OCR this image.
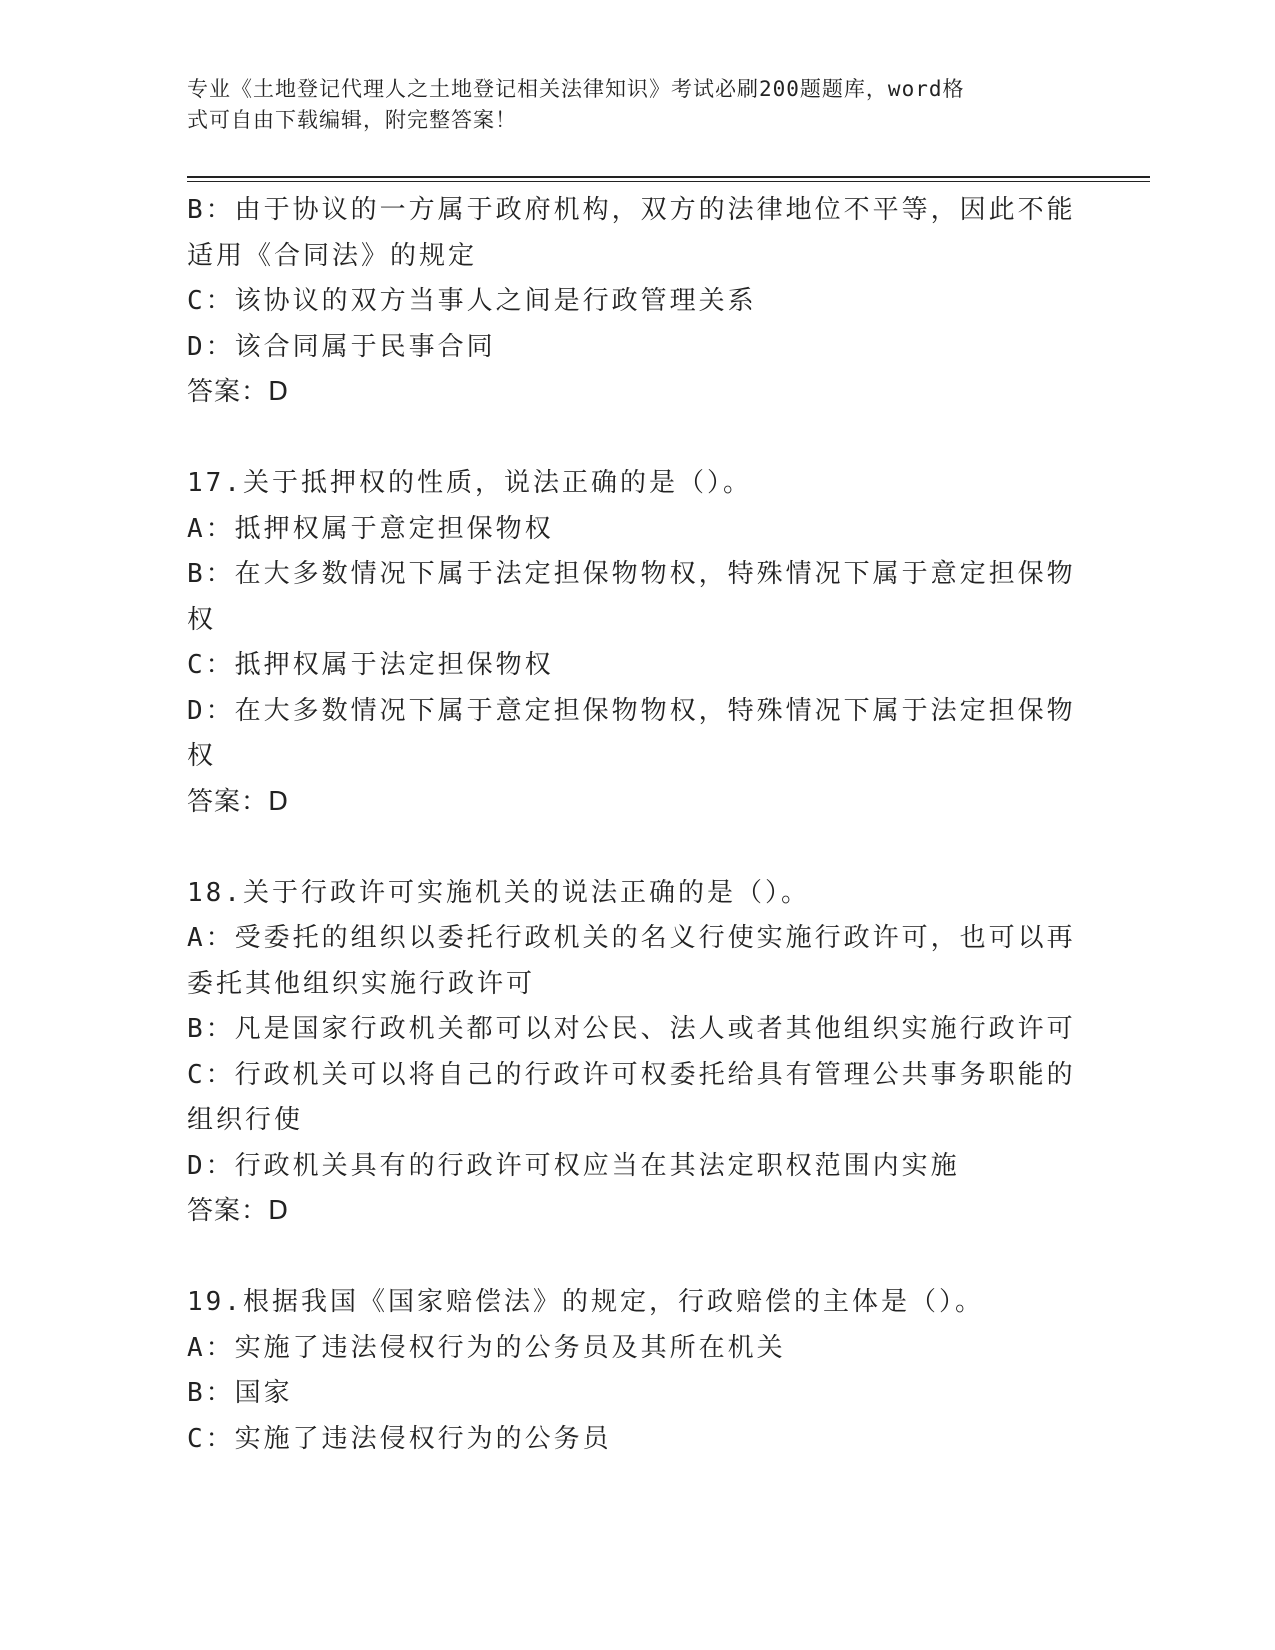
专业《土地登记代理人之土地登记相关法律知识》考试必刷200题题库，word格
式可自由下载编辑，附完整答案！
B：由于协议的一方属于政府机构，双方的法律地位不平等，因此不能
适用《合同法》的规定
C：该协议的双方当事人之间是行政管理关系
D：该合同属于民事合同
答案：D
17.关于抵押权的性质，说法正确的是（）。
A：抵押权属于意定担保物权
B：在大多数情况下属于法定担保物物权，特殊情况下属于意定担保物
权
C：抵押权属于法定担保物权
D：在大多数情况下属于意定担保物物权，特殊情况下属于法定担保物
权
答案：D
18.关于行政许可实施机关的说法正确的是（）。
A：受委托的组织以委托行政机关的名义行使实施行政许可，也可以再
委托其他组织实施行政许可
B：凡是国家行政机关都可以对公民、法人或者其他组织实施行政许可
C：行政机关可以将自己的行政许可权委托给具有管理公共事务职能的
组织行使
D：行政机关具有的行政许可权应当在其法定职权范围内实施
答案：D
19.根据我国《国家赔偿法》的规定，行政赔偿的主体是（）。
A：实施了违法侵权行为的公务员及其所在机关
B：国家
C：实施了违法侵权行为的公务员
